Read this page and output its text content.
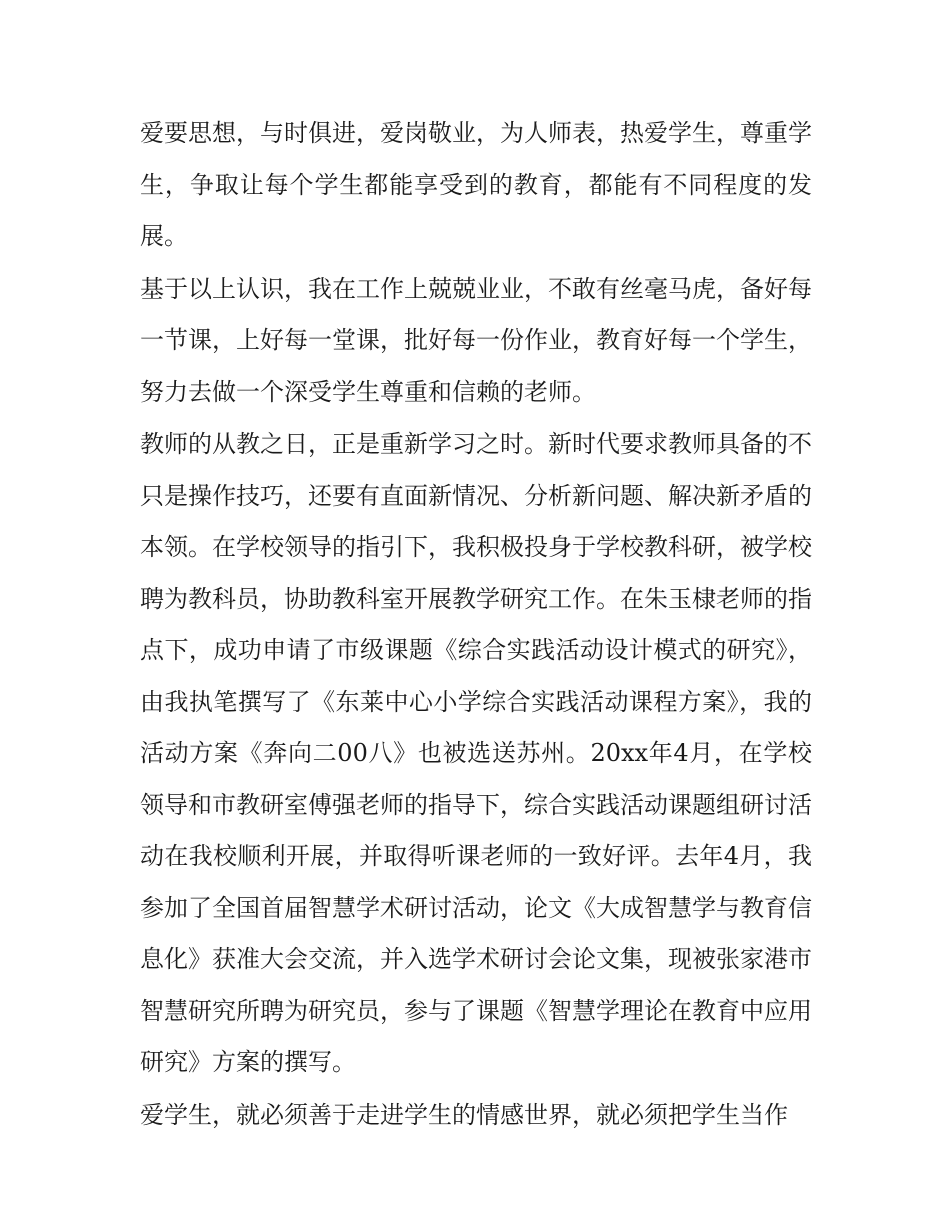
爱要思想，与时俱进，爱岗敬业，为人师表，热爱学生，尊重学生，争取让每个学生都能享受到的教育，都能有不同程度的发展。

基于以上认识，我在工作上兢兢业业，不敢有丝毫马虎，备好每一节课，上好每一堂课，批好每一份作业，教育好每一个学生，努力去做一个深受学生尊重和信赖的老师。

教师的从教之日，正是重新学习之时。新时代要求教师具备的不只是操作技巧，还要有直面新情况、分析新问题、解决新矛盾的本领。在学校领导的指引下，我积极投身于学校教科研，被学校聘为教科员，协助教科室开展教学研究工作。在朱玉棣老师的指点下，成功申请了市级课题《综合实践活动设计模式的研究》，由我执笔撰写了《东莱中心小学综合实践活动课程方案》，我的活动方案《奔向二00八》也被选送苏州。20xx年4月，在学校领导和市教研室傅强老师的指导下，综合实践活动课题组研讨活动在我校顺利开展，并取得听课老师的一致好评。去年4月，我参加了全国首届智慧学术研讨活动，论文《大成智慧学与教育信息化》获准大会交流，并入选学术研讨会论文集，现被张家港市智慧研究所聘为研究员，参与了课题《智慧学理论在教育中应用研究》方案的撰写。

爱学生，就必须善于走进学生的情感世界，就必须把学生当作
